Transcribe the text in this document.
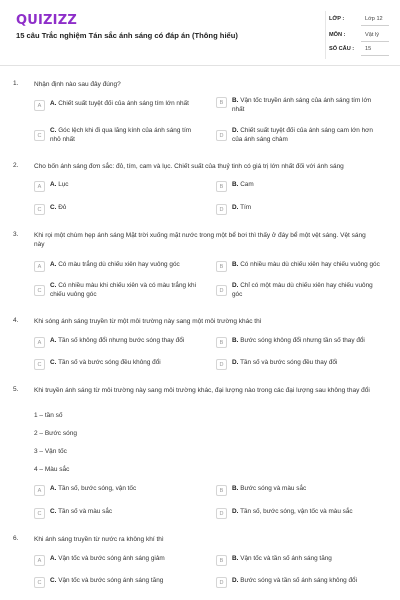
QUIZIZZ
15 câu Trắc nghiệm Tán sắc ánh sáng có đáp án (Thông hiểu)
LỚP :	Lớp 12
MÔN :	Vật lý
SỐ CÂU : 15
1. Nhận định nào sau đây đúng?
A	A. Chiết suất tuyệt đối của ánh sáng tím lớn nhất	B	B. Vận tốc truyền ánh sáng của ánh sáng tím lớn nhất
C
C. Góc lệch khi đi qua lăng kính của ánh sáng tím nhỏ nhất
D
D. Chiết suất tuyệt đối của ánh sáng cam lớn hơn của ánh sáng chàm
2. Cho bốn ánh sáng đơn sắc: đỏ, tím, cam và lục. Chiết suất của thuỷ tinh có giá trị lớn nhất đối với ánh sáng
A	A. Lục	B	B. Cam
C	C. Đỏ	D	D. Tím
3. Khi rọi một chùm hẹp ánh sáng Mặt trời xuống mặt nước trong một bể bơi thì thấy ở đáy bể một vệt sáng. Vệt sáng này
A	A. Có màu trắng dù chiếu xiên hay vuông góc	B	B. Có nhiều màu dù chiếu xiên hay chiếu vuông góc
C
C. Có nhiều màu khi chiếu xiên và có màu trắng khi chiếu vuông góc
D
D. Chỉ có một màu dù chiếu xiên hay chiếu vuông góc
4. Khi sóng ánh sáng truyền từ một môi trường này sang một môi trường khác thì
A	A. Tần số không đổi nhưng bước sóng thay đổi	B	B. Bước sóng không đổi nhưng tần số thay đổi
C	C. Tần số và bước sóng đều không đổi	D	D. Tần số và bước sóng đều thay đổi
5. Khi truyền ánh sáng từ môi trường này sang môi trường khác, đại lượng nào trong các đại lượng sau không thay đổi
1 – tần số
2 – Bước sóng
3 – Vận tốc
4 – Màu sắc
A	A. Tần số, bước sóng, vận tốc	B	B. Bước sóng và màu sắc
C	C. Tần số và màu sắc	D	D. Tần số, bước sóng, vận tốc và màu sắc
6. Khi ánh sáng truyền từ nước ra không khí thì
A	A. Vận tốc và bước sóng ánh sáng giảm	B	B. Vận tốc và tần số ánh sáng tăng
C	C. Vận tốc và bước sóng ánh sáng tăng	D	D. Bước sóng và tần số ánh sáng không đổi
